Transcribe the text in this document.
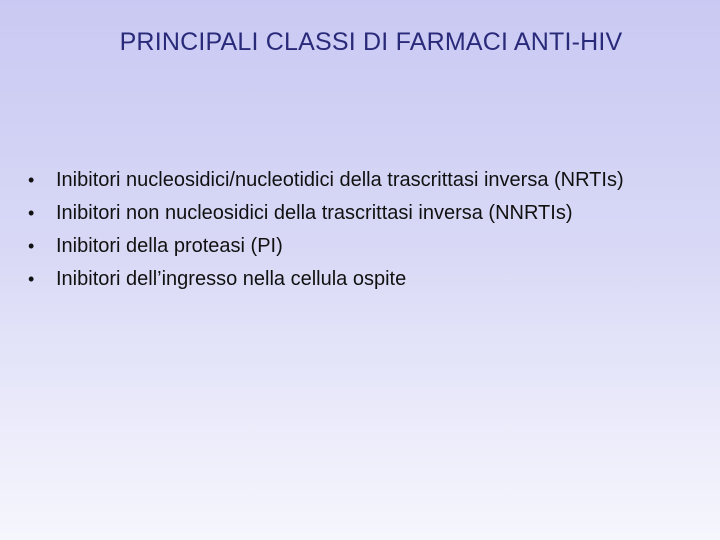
PRINCIPALI CLASSI DI FARMACI ANTI-HIV
•	Inibitori nucleosidici/nucleotidici della trascrittasi inversa (NRTIs)
•	Inibitori non nucleosidici della trascrittasi inversa (NNRTIs)
•	Inibitori della proteasi (PI)
•	Inibitori dell’ingresso nella cellula ospite
